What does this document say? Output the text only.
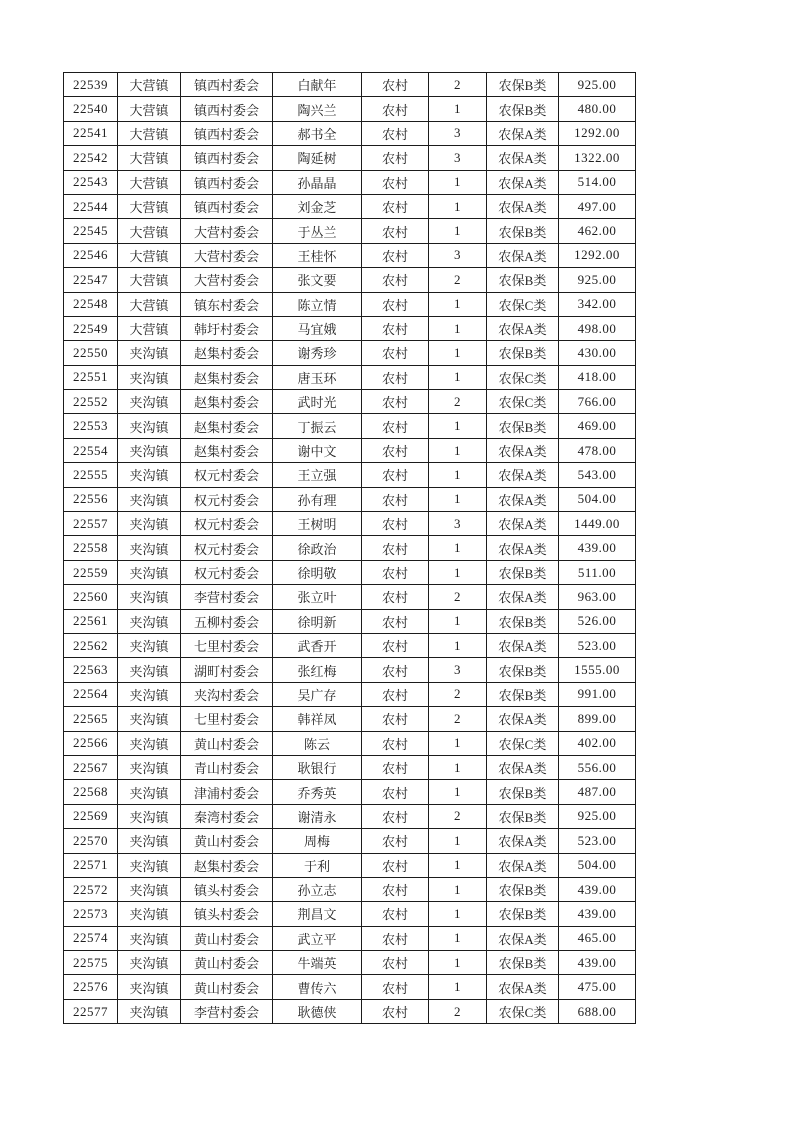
22539	大营镇	镇西村委会	白献年	农村	2	农保B类	925.00
22540	大营镇	镇西村委会	陶兴兰	农村	1	农保B类	480.00
22541	大营镇	镇西村委会	郝书全	农村	3	农保A类	1292.00
22542	大营镇	镇西村委会	陶延树	农村	3	农保A类	1322.00
22543	大营镇	镇西村委会	孙晶晶	农村	1	农保A类	514.00
22544	大营镇	镇西村委会	刘金芝	农村	1	农保A类	497.00
22545	大营镇	大营村委会	于丛兰	农村	1	农保B类	462.00
22546	大营镇	大营村委会	王桂怀	农村	3	农保A类	1292.00
22547	大营镇	大营村委会	张文要	农村	2	农保B类	925.00
22548	大营镇	镇东村委会	陈立情	农村	1	农保C类	342.00
22549	大营镇	韩圩村委会	马宜娥	农村	1	农保A类	498.00
22550	夹沟镇	赵集村委会	谢秀珍	农村	1	农保B类	430.00
22551	夹沟镇	赵集村委会	唐玉环	农村	1	农保C类	418.00
22552	夹沟镇	赵集村委会	武时光	农村	2	农保C类	766.00
22553	夹沟镇	赵集村委会	丁振云	农村	1	农保B类	469.00
22554	夹沟镇	赵集村委会	谢中文	农村	1	农保A类	478.00
22555	夹沟镇	权元村委会	王立强	农村	1	农保A类	543.00
22556	夹沟镇	权元村委会	孙有理	农村	1	农保A类	504.00
22557	夹沟镇	权元村委会	王树明	农村	3	农保A类	1449.00
22558	夹沟镇	权元村委会	徐政治	农村	1	农保A类	439.00
22559	夹沟镇	权元村委会	徐明敬	农村	1	农保B类	511.00
22560	夹沟镇	李营村委会	张立叶	农村	2	农保A类	963.00
22561	夹沟镇	五柳村委会	徐明新	农村	1	农保B类	526.00
22562	夹沟镇	七里村委会	武香开	农村	1	农保A类	523.00
22563	夹沟镇	湖町村委会	张红梅	农村	3	农保B类	1555.00
22564	夹沟镇	夹沟村委会	吴广存	农村	2	农保B类	991.00
22565	夹沟镇	七里村委会	韩祥凤	农村	2	农保A类	899.00
22566	夹沟镇	黄山村委会	陈云	农村	1	农保C类	402.00
22567	夹沟镇	青山村委会	耿银行	农村	1	农保A类	556.00
22568	夹沟镇	津浦村委会	乔秀英	农村	1	农保B类	487.00
22569	夹沟镇	秦湾村委会	谢清永	农村	2	农保B类	925.00
22570	夹沟镇	黄山村委会	周梅	农村	1	农保A类	523.00
22571	夹沟镇	赵集村委会	于利	农村	1	农保A类	504.00
22572	夹沟镇	镇头村委会	孙立志	农村	1	农保B类	439.00
22573	夹沟镇	镇头村委会	荆昌文	农村	1	农保B类	439.00
22574	夹沟镇	黄山村委会	武立平	农村	1	农保A类	465.00
22575	夹沟镇	黄山村委会	牛端英	农村	1	农保B类	439.00
22576	夹沟镇	黄山村委会	曹传六	农村	1	农保A类	475.00
22577	夹沟镇	李营村委会	耿德侠	农村	2	农保C类	688.00
